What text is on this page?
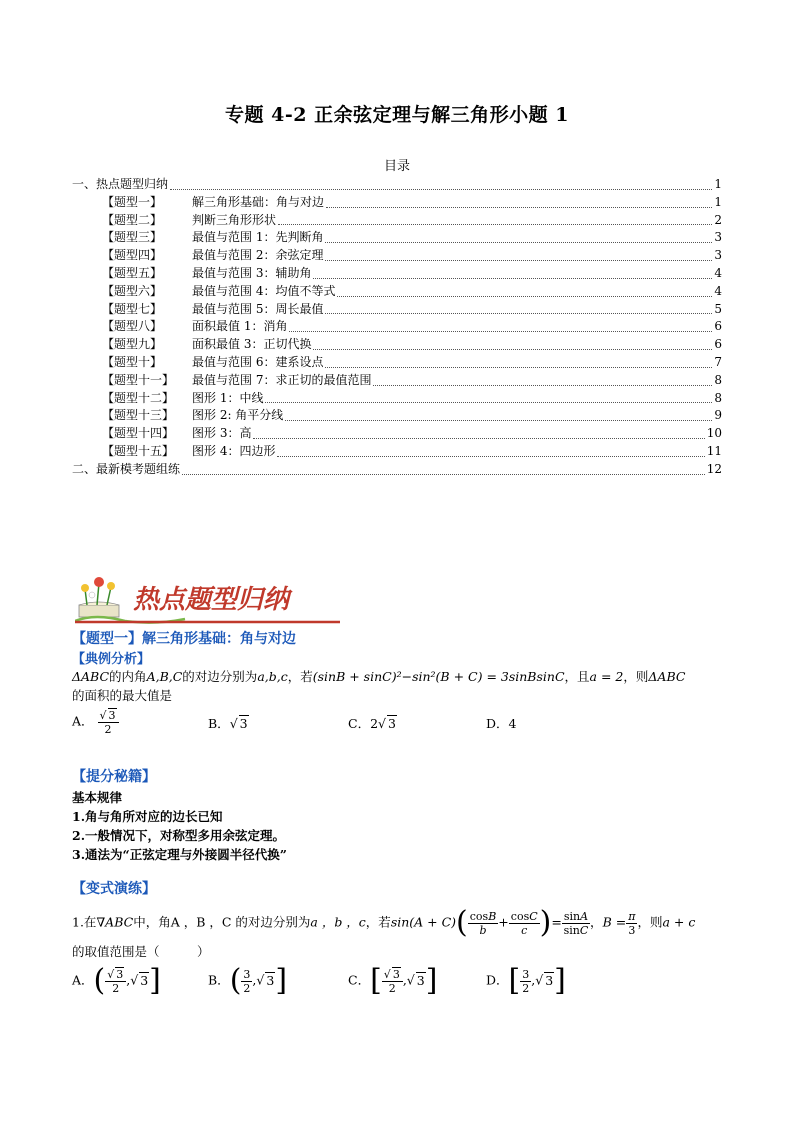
专题 4-2 正余弦定理与解三角形小题 1
目录
一、热点题型归纳	1
【题型一】	解三角形基础：角与对边	1
【题型二】	判断三角形形状	2
【题型三】	最值与范围 1：先判断角	3
【题型四】	最值与范围 2：余弦定理	3
【题型五】	最值与范围 3：辅助角	4
【题型六】	最值与范围 4：均值不等式	4
【题型七】	最值与范围 5：周长最值	5
【题型八】	面积最值 1：消角	6
【题型九】	面积最值 3：正切代换	6
【题型十】	最值与范围 6：建系设点	7
【题型十一】	最值与范围 7：求正切的最值范围	8
【题型十二】	图形 1：中线	8
【题型十三】	图形 2: 角平分线	9
【题型十四】	图形 3：高	10
【题型十五】	图形 4：四边形	11
二、最新模考题组练	12
热点题型归纳
【题型一】解三角形基础：角与对边
【典例分析】
ΔABC的内角A,B,C的对边分别为a,b,c，若(sinB + sinC)²−sin²(B + C) = 3sinBsinC，且a = 2，则ΔABC
的面积的最大值是
A． $\frac{√ 3}{2}$	B．√ 3	C．2√ 3	D．4
【提分秘籍】
基本规律
1.角与角所对应的边长已知
2.一般情况下，对称型多用余弦定理。
3.通法为“正弦定理与外接圆半径代换”
【变式演练】
1.在∇ABC中，角A ，B ，C 的对边分别为a ，b ，c，若$\sin(A + C)( \frac{\cos B}{b} + \frac{\cos C}{c}$ )= $\frac{\sin A}{\sin C}$ ，$B = \frac{\pi}{3}$ ，则a + c
的取值范围是（　　　）
A．( $\frac{√ 3}{2}$ ,√ 3]	B．( $\frac{3}{2}$ ,√ 3]	C．[ $\frac{√ 3}{2}$ ,√ 3]	D．[ $\frac{3}{2}$ ,√ 3]
